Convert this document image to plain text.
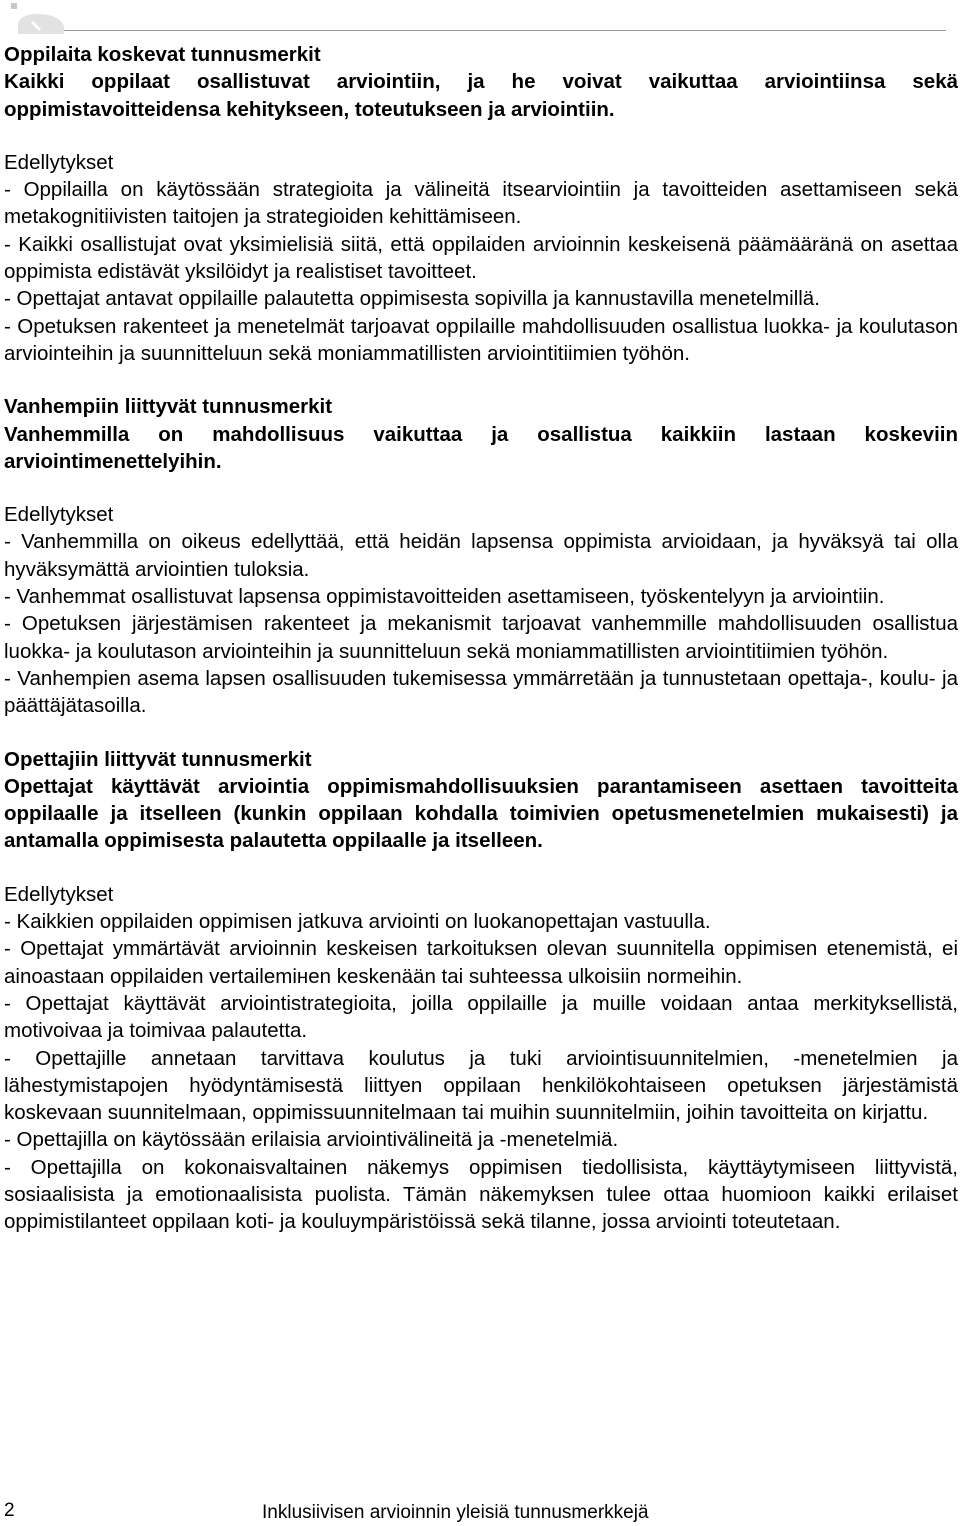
Oppilaita koskevat tunnusmerkit
Kaikki oppilaat osallistuvat arviointiin, ja he voivat vaikuttaa arviointiinsa sekä oppimistavoitteidensa kehitykseen, toteutukseen ja arviointiin.
Edellytykset
- Oppilailla on käytössään strategioita ja välineitä itsearviointiin ja tavoitteiden asettamiseen sekä metakognitiivisten taitojen ja strategioiden kehittämiseen.
- Kaikki osallistujat ovat yksimielisiä siitä, että oppilaiden arvioinnin keskeisenä päämääränä on asettaa oppimista edistävät yksilöidyt ja realistiset tavoitteet.
- Opettajat antavat oppilaille palautetta oppimisesta sopivilla ja kannustavilla menetelmillä.
- Opetuksen rakenteet ja menetelmät tarjoavat oppilaille mahdollisuuden osallistua luokka- ja koulutason arviointeihin ja suunnitteluun sekä moniammatillisten arviointitiimien työhön.
Vanhempiin liittyvät tunnusmerkit
Vanhemmilla on mahdollisuus vaikuttaa ja osallistua kaikkiin lastaan koskeviin arviointimenettelyihin.
Edellytykset
- Vanhemmilla on oikeus edellyttää, että heidän lapsensa oppimista arvioidaan, ja hyväksyä tai olla hyväksymättä arviointien tuloksia.
- Vanhemmat osallistuvat lapsensa oppimistavoitteiden asettamiseen, työskentelyyn ja arviointiin.
- Opetuksen järjestämisen rakenteet ja mekanismit tarjoavat vanhemmille mahdollisuuden osallistua luokka- ja koulutason arviointeihin ja suunnitteluun sekä moniammatillisten arviointitiimien työhön.
- Vanhempien asema lapsen osallisuuden tukemisessa ymmärretään ja tunnustetaan opettaja-, koulu- ja päättäjätasoilla.
Opettajiin liittyvät tunnusmerkit
Opettajat käyttävät arviointia oppimismahdollisuuksien parantamiseen asettaen tavoitteita oppilaalle ja itselleen (kunkin oppilaan kohdalla toimivien opetusmenetelmien mukaisesti) ja antamalla oppimisesta palautetta oppilaalle ja itselleen.
Edellytykset
- Kaikkien oppilaiden oppimisen jatkuva arviointi on luokanopettajan vastuulla.
- Opettajat ymmärtävät arvioinnin keskeisen tarkoituksen olevan suunnitella oppimisen etenemistä, ei ainoastaan oppilaiden vertailemінen keskenään tai suhteessa ulkoisiin normeihin.
- Opettajat käyttävät arviointistrategioita, joilla oppilaille ja muille voidaan antaa merkityksellistä, motivoivaa ja toimivaa palautetta.
- Opettajille annetaan tarvittava koulutus ja tuki arviointisuunnitelmien, -menetelmien ja lähestymistapojen hyödyntämisestä liittyen oppilaan henkilökohtaiseen opetuksen järjestämistä koskevaan suunnitelmaan, oppimissuunnitelmaan tai muihin suunnitelmiin, joihin tavoitteita on kirjattu.
- Opettajilla on käytössään erilaisia arviointivälineitä ja -menetelmiä.
- Opettajilla on kokonaisvaltainen näkemys oppimisen tiedollisista, käyttäytymiseen liittyvistä, sosiaalisista ja emotionaalisista puolista. Tämän näkemyksen tulee ottaa huomioon kaikki erilaiset oppimistilanteet oppilaan koti- ja kouluympäristöissä sekä tilanne, jossa arviointi toteutetaan.
2	Inklusiivisen arvioinnin yleisiä tunnusmerkkejä
